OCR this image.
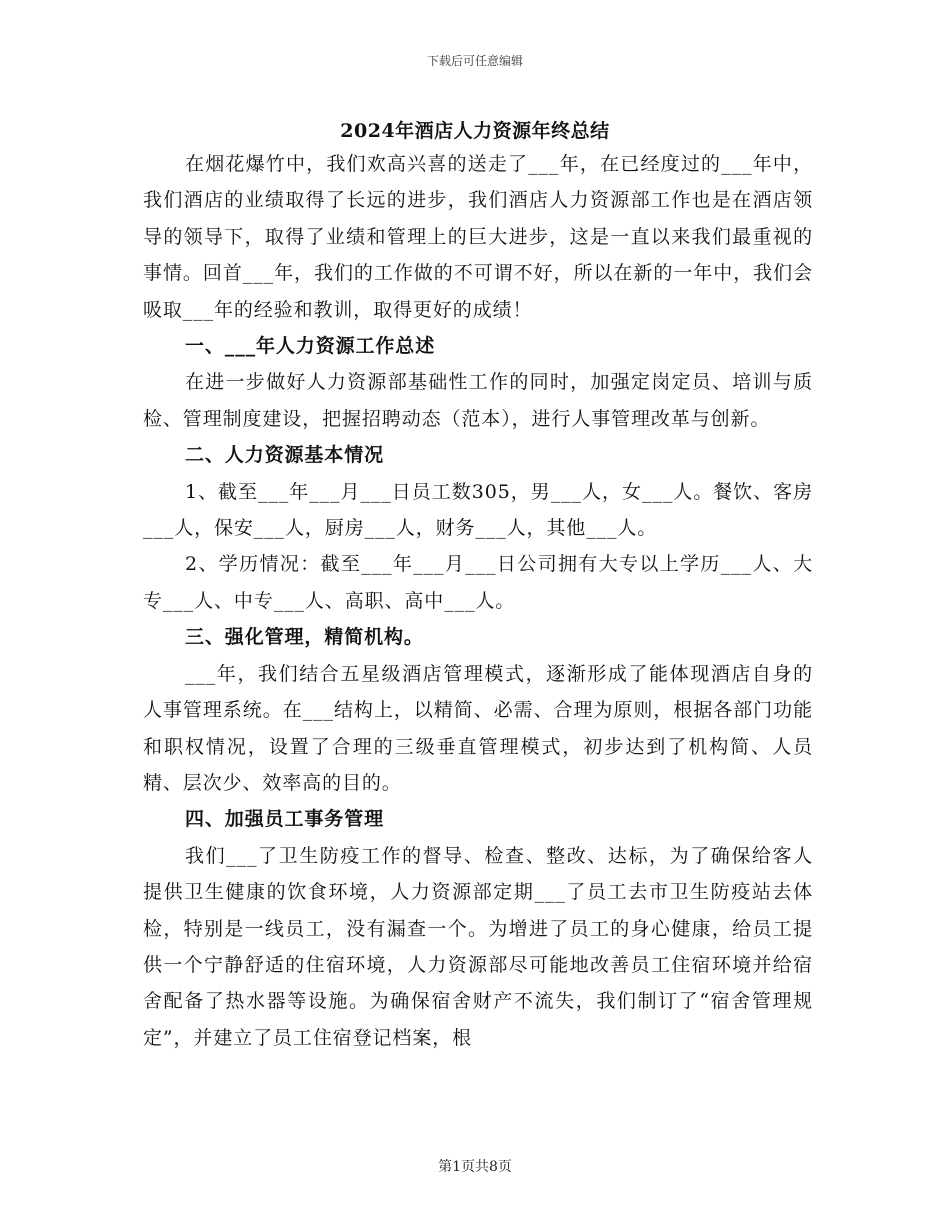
下载后可任意编辑
2024年酒店人力资源年终总结

在烟花爆竹中，我们欢高兴喜的送走了___年，在已经度过的___年中，我们酒店的业绩取得了长远的进步，我们酒店人力资源部工作也是在酒店领导的领导下，取得了业绩和管理上的巨大进步，这是一直以来我们最重视的事情。回首___年，我们的工作做的不可谓不好，所以在新的一年中，我们会吸取___年的经验和教训，取得更好的成绩！

一、___年人力资源工作总述

在进一步做好人力资源部基础性工作的同时，加强定岗定员、培训与质检、管理制度建设，把握招聘动态（范本），进行人事管理改革与创新。

二、人力资源基本情况

1、截至___年___月___日员工数305，男___人，女___人。餐饮、客房___人，保安___人，厨房___人，财务___人，其他___人。

2、学历情况：截至___年___月___日公司拥有大专以上学历___人、大专___人、中专___人、高职、高中___人。

三、强化管理，精简机构。

___年，我们结合五星级酒店管理模式，逐渐形成了能体现酒店自身的人事管理系统。在___结构上，以精简、必需、合理为原则，根据各部门功能和职权情况，设置了合理的三级垂直管理模式，初步达到了机构简、人员精、层次少、效率高的目的。

四、加强员工事务管理

我们___了卫生防疫工作的督导、检查、整改、达标，为了确保给客人提供卫生健康的饮食环境，人力资源部定期___了员工去市卫生防疫站去体检，特别是一线员工，没有漏查一个。为增进了员工的身心健康，给员工提供一个宁静舒适的住宿环境，人力资源部尽可能地改善员工住宿环境并给宿舍配备了热水器等设施。为确保宿舍财产不流失，我们制订了“宿舍管理规定”，并建立了员工住宿登记档案，根

第1页共8页
